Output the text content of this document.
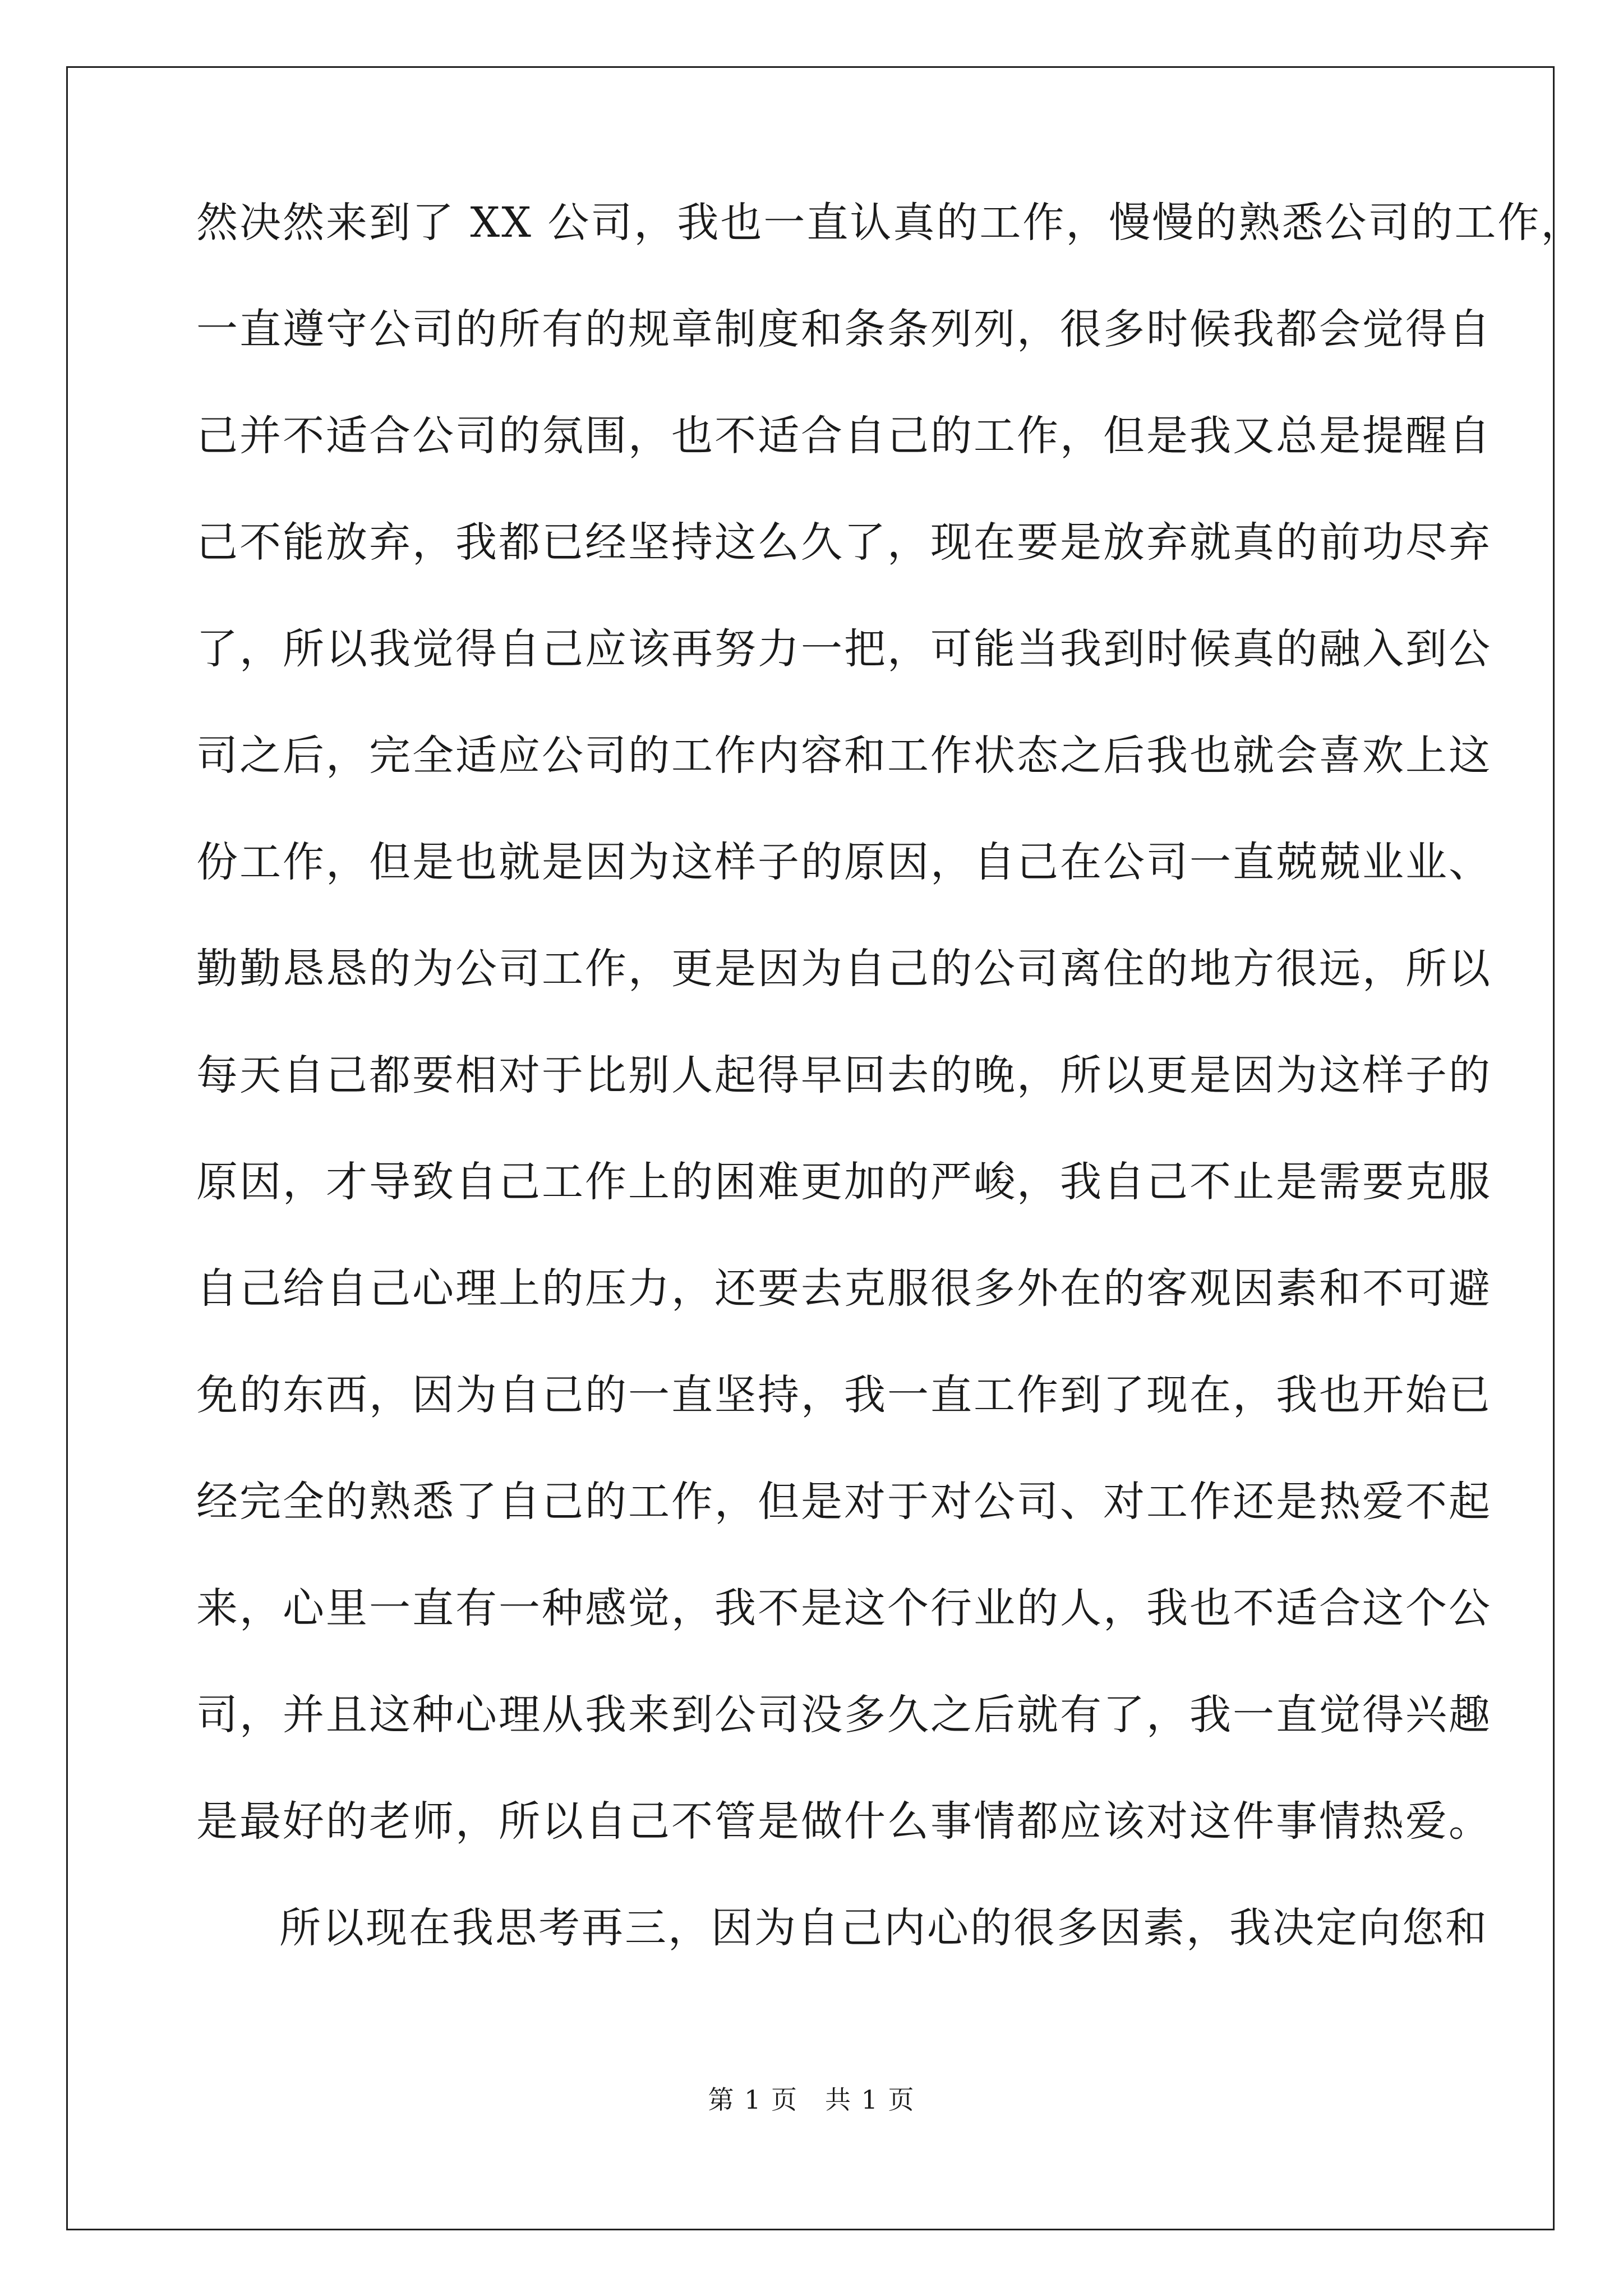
然决然来到了 XX 公司，我也一直认真的工作，慢慢的熟悉公司的工作，
一直遵守公司的所有的规章制度和条条列列，很多时候我都会觉得自
己并不适合公司的氛围，也不适合自己的工作，但是我又总是提醒自
己不能放弃，我都已经坚持这么久了，现在要是放弃就真的前功尽弃
了，所以我觉得自己应该再努力一把，可能当我到时候真的融入到公
司之后，完全适应公司的工作内容和工作状态之后我也就会喜欢上这
份工作，但是也就是因为这样子的原因，自己在公司一直兢兢业业、
勤勤恳恳的为公司工作，更是因为自己的公司离住的地方很远，所以
每天自己都要相对于比别人起得早回去的晚，所以更是因为这样子的
原因，才导致自己工作上的困难更加的严峻，我自己不止是需要克服
自己给自己心理上的压力，还要去克服很多外在的客观因素和不可避
免的东西，因为自己的一直坚持，我一直工作到了现在，我也开始已
经完全的熟悉了自己的工作，但是对于对公司、对工作还是热爱不起
来，心里一直有一种感觉，我不是这个行业的人，我也不适合这个公
司，并且这种心理从我来到公司没多久之后就有了，我一直觉得兴趣
是最好的老师，所以自己不管是做什么事情都应该对这件事情热爱。
所以现在我思考再三，因为自己内心的很多因素，我决定向您和
第 1 页 共 1 页
